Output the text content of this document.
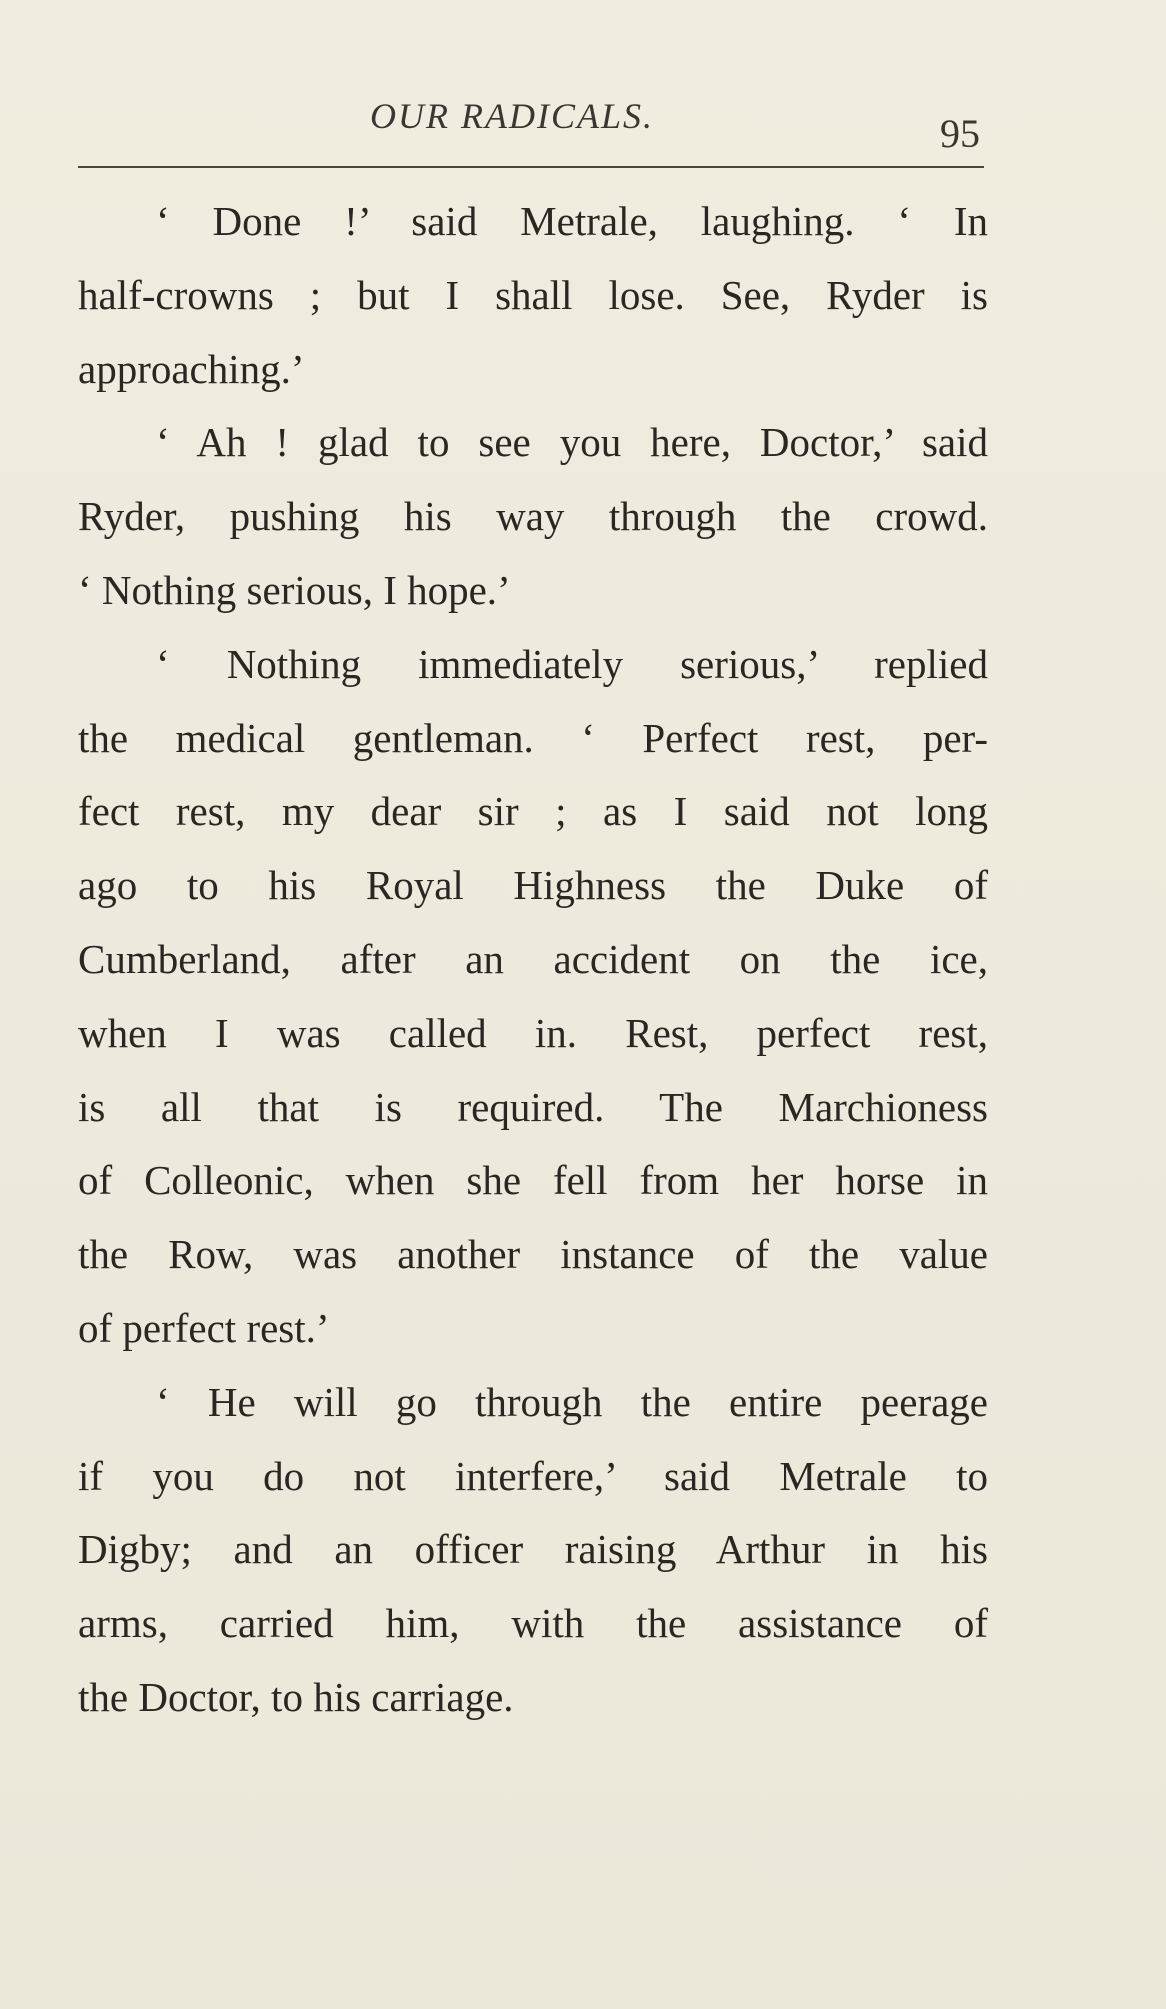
OUR RADICALS.	95
‘ Done !’ said Metrale, laughing. ‘ In
half-crowns ; but I shall lose. See, Ryder is
approaching.’
‘ Ah ! glad to see you here, Doctor,’ said
Ryder, pushing his way through the crowd.
‘ Nothing serious, I hope.’
‘ Nothing immediately serious,’ replied
the medical gentleman. ‘ Perfect rest, per-
fect rest, my dear sir ; as I said not long
ago to his Royal Highness the Duke of
Cumberland, after an accident on the ice,
when I was called in. Rest, perfect rest,
is all that is required. The Marchioness
of Colleonic, when she fell from her horse in
the Row, was another instance of the value
of perfect rest.’
‘ He will go through the entire peerage
if you do not interfere,’ said Metrale to
Digby; and an officer raising Arthur in his
arms, carried him, with the assistance of
the Doctor, to his carriage.
